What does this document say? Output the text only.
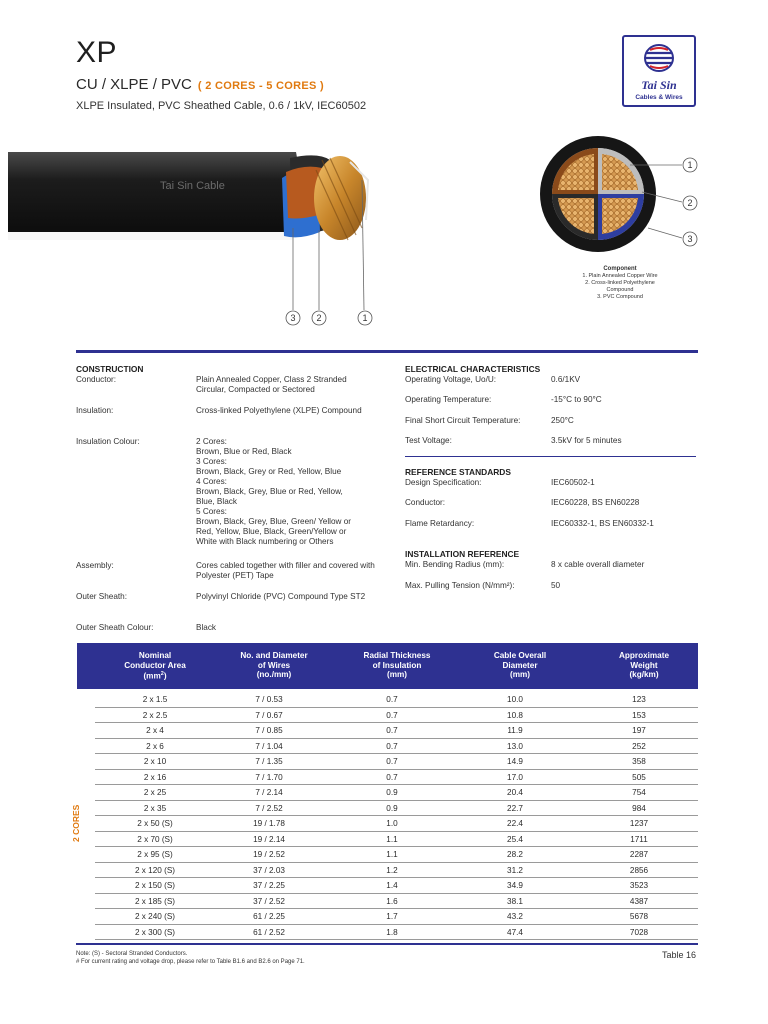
XP
CU / XLPE / PVC ( 2 CORES - 5 CORES )
XLPE Insulated, PVC Sheathed Cable, 0.6 / 1kV, IEC60502
Tai Sin
Cables & Wires
Tai Sin Cable
3 2	1
1
2
3
Component
1. Plain Annealed Copper Wire
2. Cross-linked Polyethylene
Compound
3. PVC Compound
CONSTRUCTION
Conductor:	Plain Annealed Copper, Class 2 Stranded Circular, Compacted or Sectored
Insulation:	Cross-linked Polyethylene (XLPE) Compound
Insulation Colour:	2 Cores:
Brown, Blue or Red, Black
3 Cores:
Brown, Black, Grey or Red, Yellow, Blue
4 Cores:
Brown, Black, Grey, Blue or Red, Yellow,
Blue, Black
5 Cores:
Brown, Black, Grey, Blue, Green/ Yellow or
Red, Yellow, Blue, Black, Green/Yellow or
White with Black numbering or Others
Assembly:	Cores cabled together with filler and covered with Polyester (PET) Tape
Outer Sheath:	Polyvinyl Chloride (PVC) Compound Type ST2
Outer Sheath Colour:	Black
ELECTRICAL CHARACTERISTICS
Operating Voltage, Uo/U:	0.6/1KV
Operating Temperature:	-15°C to 90°C
Final Short Circuit Temperature:	250°C
Test Voltage:	3.5kV for 5 minutes
REFERENCE STANDARDS
Design Specification:	IEC60502-1
Conductor:	IEC60228, BS EN60228
Flame Retardancy:	IEC60332-1, BS EN60332-1
INSTALLATION REFERENCE
Min. Bending Radius (mm):	8 x cable overall diameter
Max. Pulling Tension (N/mm²):	50
Nominal
Conductor Area
$(mm^2)$
No. and Diameter
of Wires
(no./mm)
Radial Thickness
of Insulation
(mm)
Cable Overall
Diameter
(mm)
Approximate
Weight
(kg/km)
2 CORES
2 x 1.5	7 / 0.53	0.7	10.0	123
2 x 2.5	7 / 0.67	0.7	10.8	153
2 x 4	7 / 0.85	0.7	11.9	197
2 x 6	7 / 1.04	0.7	13.0	252
2 x 10	7 / 1.35	0.7	14.9	358
2 x 16	7 / 1.70	0.7	17.0	505
2 x 25	7 / 2.14	0.9	20.4	754
2 x 35	7 / 2.52	0.9	22.7	984
2 x 50 (S)	19 / 1.78	1.0	22.4	1237
2 x 70 (S)	19 / 2.14	1.1	25.4	1711
2 x 95 (S)	19 / 2.52	1.1	28.2	2287
2 x 120 (S)	37 / 2.03	1.2	31.2	2856
2 x 150 (S)	37 / 2.25	1.4	34.9	3523
2 x 185 (S)	37 / 2.52	1.6	38.1	4387
2 x 240 (S)	61 / 2.25	1.7	43.2	5678
2 x 300 (S)	61 / 2.52	1.8	47.4	7028
Note: (S) - Sectoral Stranded Conductors.
# For current rating and voltage drop, please refer to Table B1.6 and B2.6 on Page 71.
Table 16
